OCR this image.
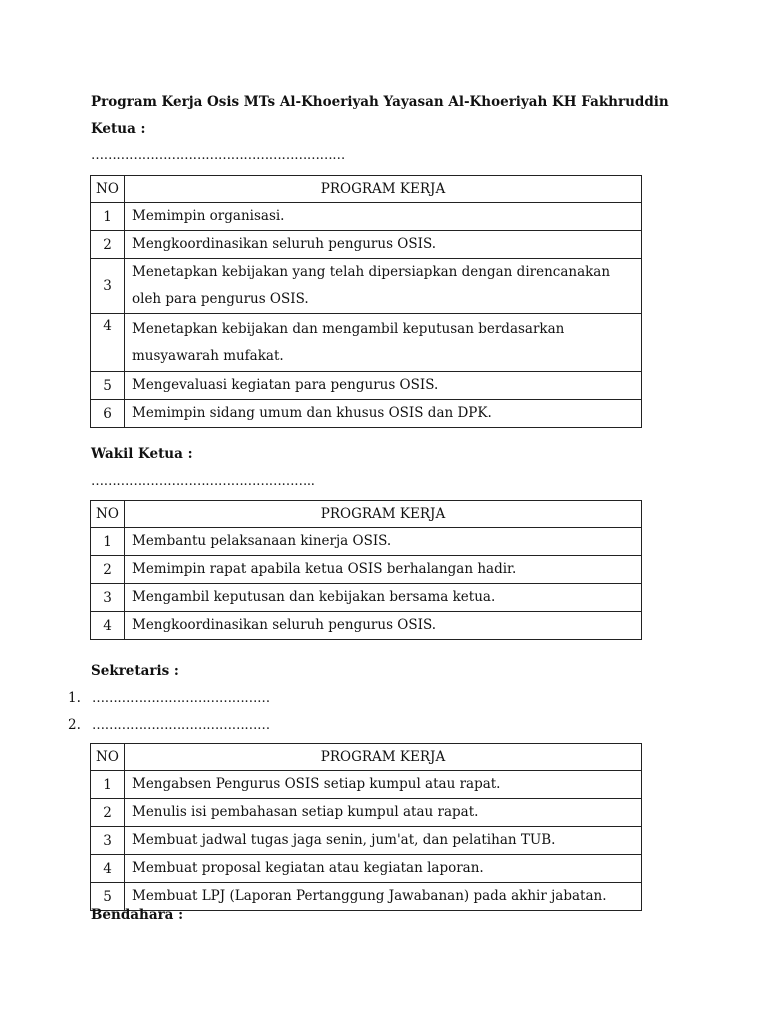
Program Kerja Osis MTs Al-Khoeriyah Yayasan Al-Khoeriyah KH Fakhruddin
Ketua :
……………………………………………………
NO	PROGRAM KERJA
1	Memimpin organisasi.
2	Mengkoordinasikan seluruh pengurus OSIS.
3	Menetapkan kebijakan yang telah dipersiapkan dengan direncanakan oleh para pengurus OSIS.
4	Menetapkan kebijakan dan mengambil keputusan berdasarkan musyawarah mufakat.
5	Mengevaluasi kegiatan para pengurus OSIS.
6	Memimpin sidang umum dan khusus OSIS dan DPK.
Wakil Ketua :
……………………………………………..
NO	PROGRAM KERJA
1	Membantu pelaksanaan kinerja OSIS.
2	Memimpin rapat apabila ketua OSIS berhalangan hadir.
3	Mengambil keputusan dan kebijakan bersama ketua.
4	Mengkoordinasikan seluruh pengurus OSIS.
Sekretaris :
1. ……………………………………
2. ……………………………………
NO	PROGRAM KERJA
1	Mengabsen Pengurus OSIS setiap kumpul atau rapat.
2	Menulis isi pembahasan setiap kumpul atau rapat.
3	Membuat jadwal tugas jaga senin, jum'at, dan pelatihan TUB.
4	Membuat proposal kegiatan atau kegiatan laporan.
5	Membuat LPJ (Laporan Pertanggung Jawabanan) pada akhir jabatan.
Bendahara :
